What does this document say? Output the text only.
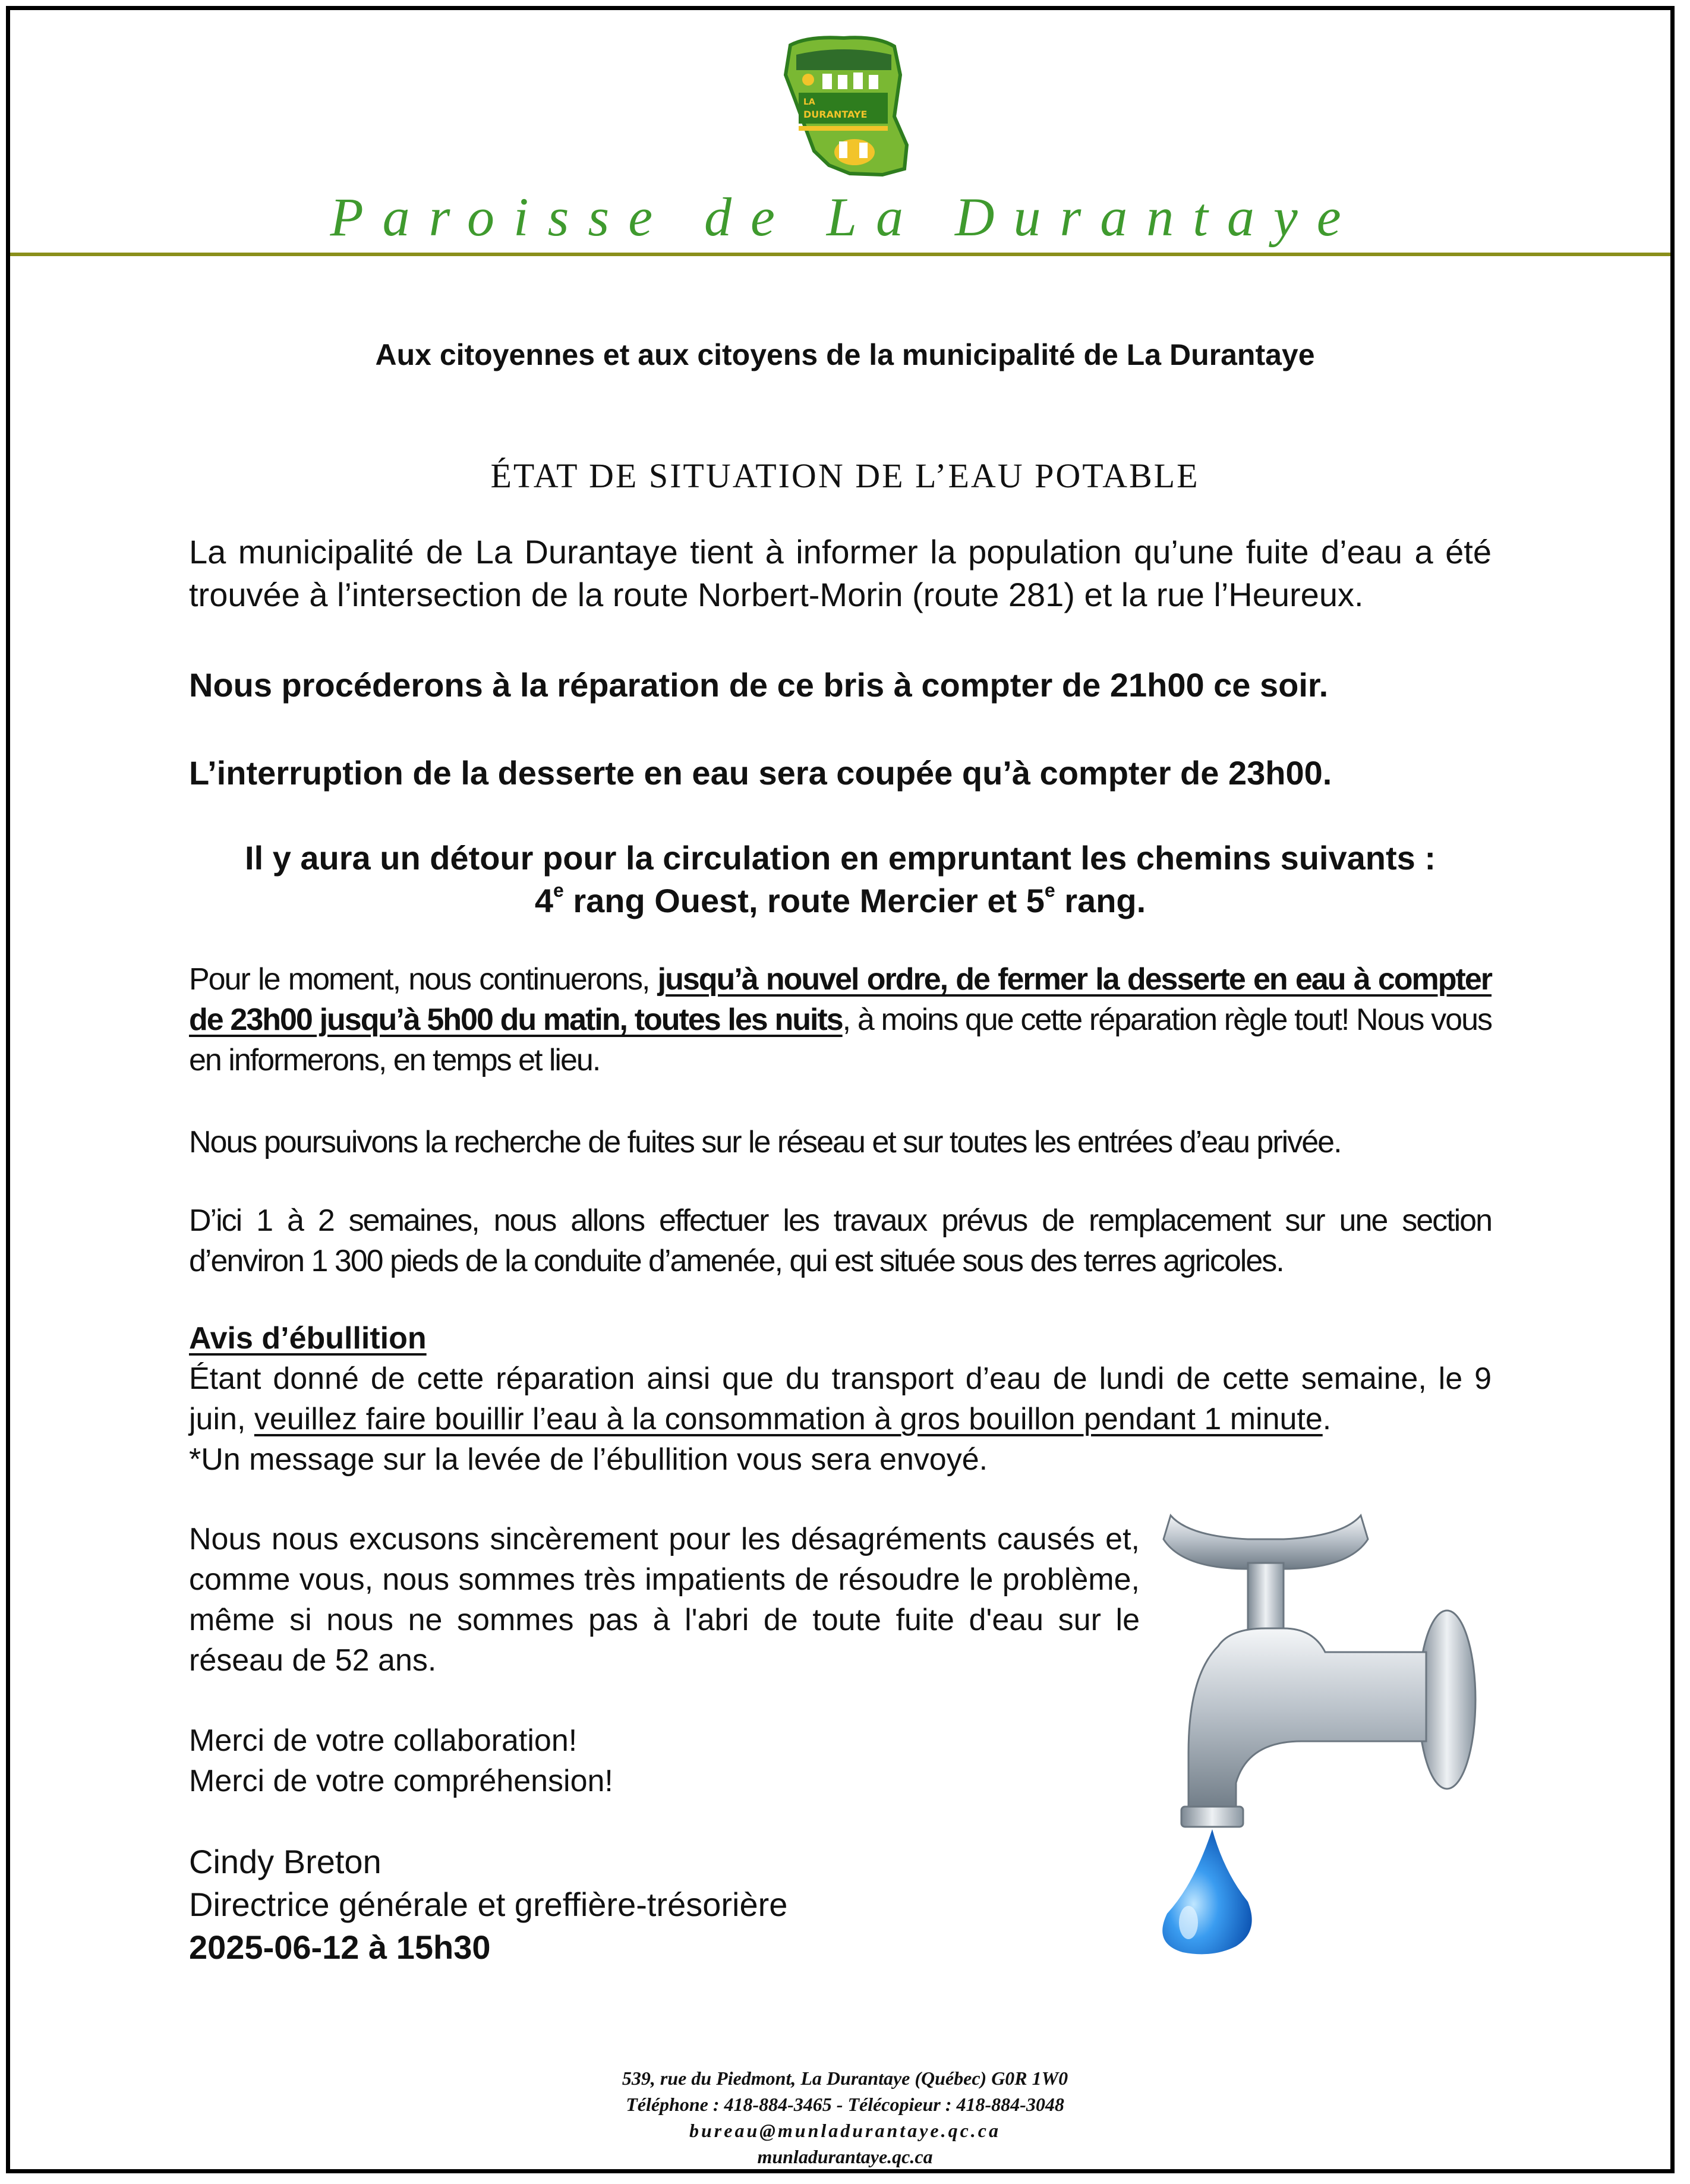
LA
DURANTAYE
Paroisse de La Durantaye
Aux citoyennes et aux citoyens de la municipalité de La Durantaye
ÉTAT DE SITUATION DE L’EAU POTABLE

La municipalité de La Durantaye tient à informer la population qu’une fuite d’eau a été trouvée à l’intersection de la route Norbert-Morin (route 281) et la rue l’Heureux.

Nous procéderons à la réparation de ce bris à compter de 21h00 ce soir.

L’interruption de la desserte en eau sera coupée qu’à compter de 23h00.

Il y aura un détour pour la circulation en empruntant les chemins suivants :

4e rang Ouest, route Mercier et 5e rang.

Pour le moment, nous continuerons, jusqu’à nouvel ordre, de fermer la desserte en eau à compter de 23h00 jusqu’à 5h00 du matin, toutes les nuits, à moins que cette réparation règle tout! Nous vous en informerons, en temps et lieu.

Nous poursuivons la recherche de fuites sur le réseau et sur toutes les entrées d’eau privée.

D’ici 1 à 2 semaines, nous allons effectuer les travaux prévus de remplacement sur une section d’environ 1 300 pieds de la conduite d’amenée, qui est située sous des terres agricoles.

Avis d’ébullition

Étant donné de cette réparation ainsi que du transport d’eau de lundi de cette semaine, le 9 juin, veuillez faire bouillir l’eau à la consommation à gros bouillon pendant 1 minute.

*Un message sur la levée de l’ébullition vous sera envoyé.

Nous nous excusons sincèrement pour les désagréments causés et, comme vous, nous sommes très impatients de résoudre le problème, même si nous ne sommes pas à l'abri de toute fuite d'eau sur le réseau de 52 ans.

Merci de votre collaboration!

Merci de votre compréhension!

Cindy Breton

Directrice générale et greffière-trésorière

2025-06-12 à 15h30

539, rue du Piedmont, La Durantaye (Québec) G0R 1W0
Téléphone : 418-884-3465 - Télécopieur : 418-884-3048
bureau@munladurantaye.qc.ca
munladurantaye.qc.ca
